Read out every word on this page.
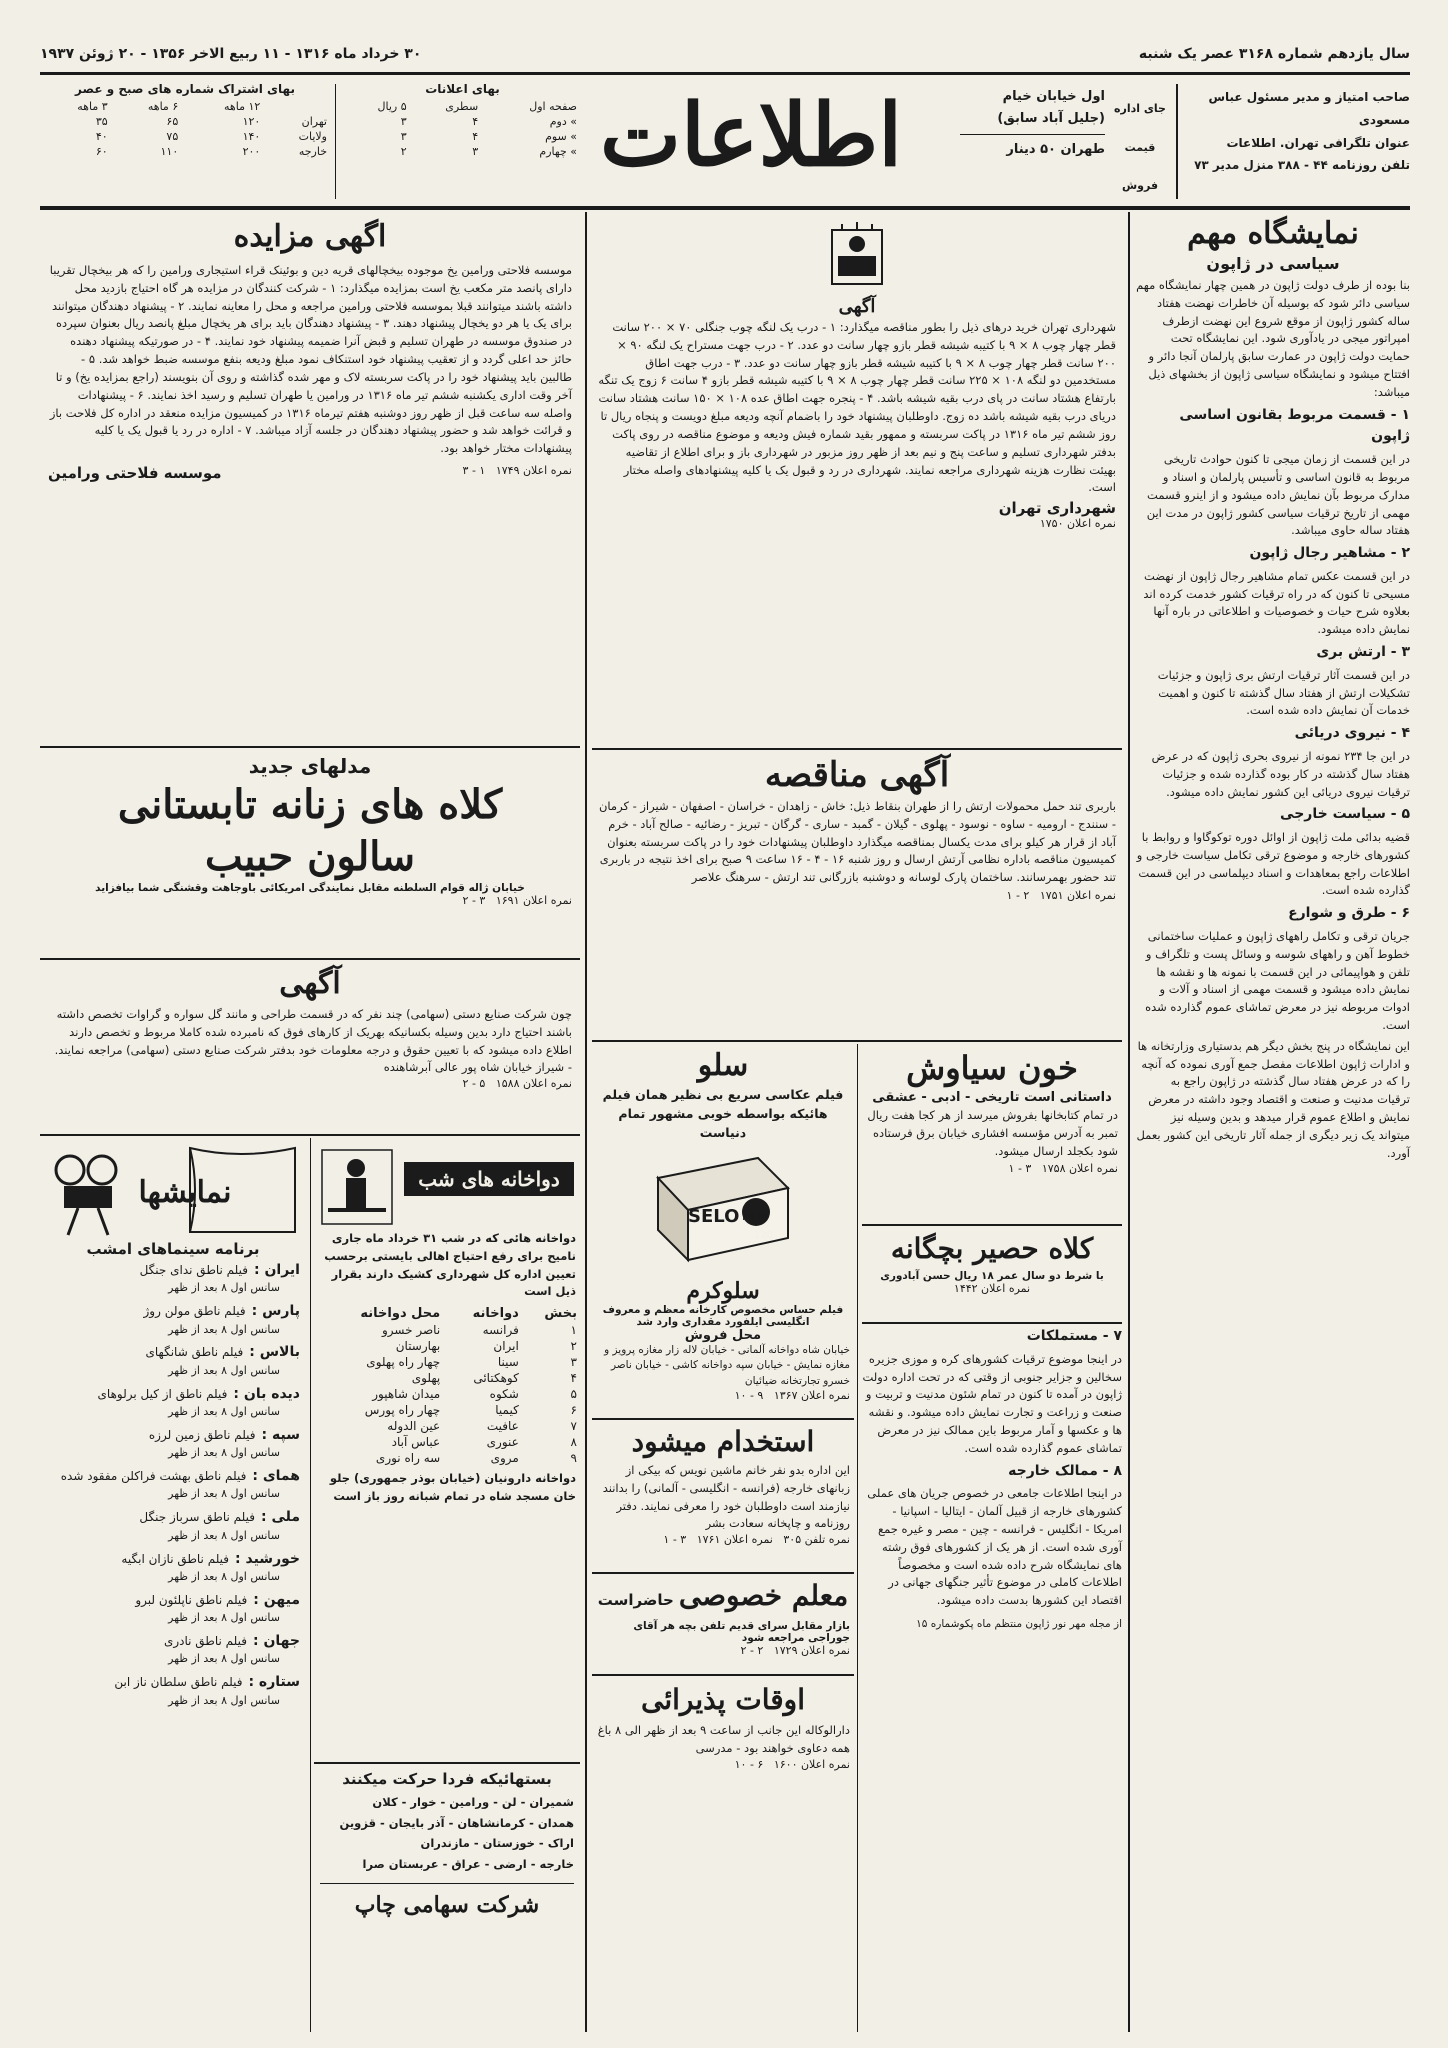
سال یازدهم شماره ۳۱۶۸ عصر یک شنبه
۳۰ خرداد ماه ۱۳۱۶ - ۱۱ ربیع الاخر ۱۳۵۶ - ۲۰ ژوئن ۱۹۳۷
صاحب امتیاز و مدیر مسئول عباس مسعودی
عنوان تلگرافی تهران. اطلاعات
تلفن روزنامه ۴۴ - ۳۸۸ منزل مدیر ۷۳
جای اداره
قیمت فروش
اول خیابان خیام
(جلیل آباد سابق)
طهران ۵۰ دینار
اطلاعات
بهای اعلانات
صفحه اول	سطری	۵ ریال
» دوم	۴	۳
» سوم	۴	۳
» چهارم	۳	۲
بهای اشتراک شماره های صبح و عصر
	۱۲ ماهه	۶ ماهه	۳ ماهه
تهران	۱۲۰	۶۵	۳۵
ولایات	۱۴۰	۷۵	۴۰
خارجه	۲۰۰	۱۱۰	۶۰
نمایشگاه مهم
سیاسی در ژاپون

بنا بوده از طرف دولت ژاپون در همین چهار نمایشگاه مهم سیاسی دائر شود که بوسیله آن خاطرات نهضت هفتاد ساله کشور ژاپون از موقع شروع این نهضت ازطرف امپراتور میجی در یادآوری شود. این نمایشگاه تحت حمایت دولت ژاپون در عمارت سابق پارلمان آنجا دائر و افتتاح میشود و نمایشگاه سیاسی ژاپون از بخشهای ذیل میباشد:

۱ - قسمت مربوط بقانون اساسی ژاپون

در این قسمت از زمان میجی تا کنون حوادث تاریخی مربوط به قانون اساسی و تأسیس پارلمان و اسناد و مدارک مربوط بآن نمایش داده میشود و از اینرو قسمت مهمی از تاریخ ترقیات سیاسی کشور ژاپون در مدت این هفتاد ساله حاوی میباشد.

۲ - مشاهیر رجال ژاپون

در این قسمت عکس تمام مشاهیر رجال ژاپون از نهضت مسیحی تا کنون که در راه ترقیات کشور خدمت کرده اند بعلاوه شرح حیات و خصوصیات و اطلاعاتی در باره آنها نمایش داده میشود.

۳ - ارتش بری

در این قسمت آثار ترقیات ارتش بری ژاپون و جزئیات تشکیلات ارتش از هفتاد سال گذشته تا کنون و اهمیت خدمات آن نمایش داده شده است.

۴ - نیروی دریائی

در این جا ۲۳۴ نمونه از نیروی بحری ژاپون که در عرض هفتاد سال گذشته در کار بوده گذارده شده و جزئیات ترقیات نیروی دریائی این کشور نمایش داده میشود.

۵ - سیاست خارجی

قضیه بدائی ملت ژاپون از اوائل دوره توکوگاوا و روابط با کشورهای خارجه و موضوع ترقی تکامل سیاست خارجی و اطلاعات راجع بمعاهدات و اسناد دیپلماسی در این قسمت گذارده شده است.

۶ - طرق و شوارع

جریان ترقی و تکامل راههای ژاپون و عملیات ساختمانی خطوط آهن و راههای شوسه و وسائل پست و تلگراف و تلفن و هواپیمائی در این قسمت با نمونه ها و نقشه ها نمایش داده میشود و قسمت مهمی از اسناد و آلات و ادوات مربوطه نیز در معرض تماشای عموم گذارده شده است.

این نمایشگاه در پنج بخش دیگر هم بدستیاری وزارتخانه ها و ادارات ژاپون اطلاعات مفصل جمع آوری نموده که آنچه را که در عرض هفتاد سال گذشته در ژاپون راجع به ترقیات مدنیت و صنعت و اقتصاد وجود داشته در معرض نمایش و اطلاع عموم قرار میدهد و بدین وسیله نیز میتواند یک زیر دیگری از جمله آثار تاریخی این کشور بعمل آورد.

آگهی
شهرداری تهران خرید درهای ذیل را بطور مناقصه میگذارد: ۱ - درب یک لنگه چوب جنگلی ۷۰ × ۲۰۰ سانت قطر چهار چوب ۸ × ۹ با کتیبه شیشه قطر بازو چهار سانت دو عدد. ۲ - درب جهت مستراح یک لنگه ۹۰ × ۲۰۰ سانت قطر چهار چوب ۸ × ۹ با کتیبه شیشه قطر بازو چهار سانت دو عدد. ۳ - درب جهت اطاق مستخدمین دو لنگه ۱۰۸ × ۲۲۵ سانت قطر چهار چوب ۸ × ۹ با کتیبه شیشه قطر بازو ۴ سانت ۶ زوج یک تنگه بارتفاع هشتاد سانت در پای درب بقیه شیشه باشد. ۴ - پنجره جهت اطاق عده ۱۰۸ × ۱۵۰ سانت هشتاد سانت دریای درب بقیه شیشه باشد ده زوج. داوطلبان پیشنهاد خود را باضمام آنچه ودیعه مبلغ دویست و پنجاه ریال تا روز ششم تیر ماه ۱۳۱۶ در پاکت سربسته و ممهور بقید شماره فیش ودیعه و موضوع مناقصه در روی پاکت بدفتر شهرداری تسلیم و ساعت پنج و نیم بعد از ظهر روز مزبور در شهرداری باز و برای اطلاع از تقاضیه بهیئت نظارت هزینه شهرداری مراجعه نمایند. شهرداری در رد و قبول یک یا کلیه پیشنهادهای واصله مختار است.
شهرداری تهران
نمره اعلان ۱۷۵۰
آگهی مناقصه
باربری تند حمل محمولات ارتش را از طهران بنقاط ذیل: خاش - زاهدان - خراسان - اصفهان - شیراز - کرمان - سنندج - ارومیه - ساوه - نوسود - پهلوی - گیلان - گمبد - ساری - گرگان - تبریز - رضائیه - صالح آباد - خرم آباد از قرار هر کیلو برای مدت یکسال بمناقصه میگذارد داوطلبان پیشنهادات خود را در پاکت سربسته بعنوان کمیسیون مناقصه باداره نظامی آرتش ارسال و روز شنبه ۱۶ - ۴ - ۱۶ ساعت ۹ صبح برای اخذ نتیجه در باربری تند حضور بهمرسانند. ساختمان پارک لوسانه و دوشنبه بازرگانی تند ارتش - سرهنگ علاصر
نمره اعلان ۱۷۵۱   ۲ - ۱
خون سیاوش
داستانی است تاریخی - ادبی - عشقی
در تمام کتابخانها بفروش میرسد از هر کجا هفت ریال تمبر به آدرس مؤسسه افشاری خیابان برق فرستاده شود بکجلد ارسال میشود.
نمره اعلان ۱۷۵۸   ۳ - ۱
کلاه حصیر بچگانه
با شرط دو سال عمر ۱۸ ریال حسن آبادوری
نمره اعلان ۱۴۴۲

۷ - مستملکات

در اینجا موضوع ترقیات کشورهای کره و موزی جزیره سخالین و جزایر جنوبی از وقتی که در تحت اداره دولت ژاپون در آمده تا کنون در تمام شئون مدنیت و تربیت و صنعت و زراعت و تجارت نمایش داده میشود. و نقشه ها و عکسها و آمار مربوط باین ممالک نیز در معرض تماشای عموم گذارده شده است.

۸ - ممالک خارجه

در اینجا اطلاعات جامعی در خصوص جریان های عملی کشورهای خارجه از قبیل آلمان - ایتالیا - اسپانیا - امریکا - انگلیس - فرانسه - چین - مصر و غیره جمع آوری شده است. از هر یک از کشورهای فوق رشته های نمایشگاه شرح داده شده است و مخصوصاً اطلاعات کاملی در موضوع تأثیر جنگهای جهانی در اقتصاد این کشورها بدست داده میشود.

از مجله مهر نور ژاپون منتظم ماه پکوشماره ۱۵

سلو
فیلم عکاسی سریع بی نظیر همان فیلم هائیکه بواسطه خوبی مشهور تمام دنیاست
SELO FILM
120
سلوکرم
فیلم حساس مخصوص کارخانه معظم و معروف انگلیسی ایلفورد مقداری وارد شد
محل فروش
خیابان شاه دواخانه آلمانی - خیابان لاله زار مغازه پرویز و مغازه نمایش - خیابان سپه دواخانه کاشی - خیابان ناصر خسرو تجارتخانه ضیائیان
نمره اعلان ۱۳۶۷   ۹ - ۱۰
استخدام میشود
این اداره بدو نفر خانم ماشین نویس که بیکی از زبانهای خارجه (فرانسه - انگلیسی - آلمانی) را بدانند نیازمند است داوطلبان خود را معرفی نمایند. دفتر روزنامه و چاپخانه سعادت بشر
نمره تلفن ۳۰۵   نمره اعلان ۱۷۶۱   ۳ - ۱
معلم خصوصی حاضراست
بازار مقابل سرای قدیم تلفن بچه هر آقای جوراجی مراجعه شود
نمره اعلان ۱۷۲۹   ۲ - ۲
اوقات پذیرائی
دارالوکاله این جانب از ساعت ۹ بعد از ظهر الی ۸ باغ همه دعاوی خواهند بود - مدرسی
نمره اعلان ۱۶۰۰   ۶ - ۱۰
اگهی مزایده
موسسه فلاحتی ورامین یخ موجوده بیخچالهای قریه دین و بوئینک قراء استیجاری ورامین را که هر بیخچال تقریبا دارای پانصد متر مکعب یخ است بمزایده میگذارد: ۱ - شرکت کنندگان در مزایده هر گاه احتیاج بازدید محل داشته باشند میتوانند قبلا بموسسه فلاحتی ورامین مراجعه و محل را معاینه نمایند. ۲ - پیشنهاد دهندگان میتوانند برای یک یا هر دو یخچال پیشنهاد دهند. ۳ - پیشنهاد دهندگان باید برای هر یخچال مبلغ پانصد ریال بعنوان سپرده در صندوق موسسه در طهران تسلیم و قبض آنرا ضمیمه پیشنهاد خود نمایند. ۴ - در صورتیکه پیشنهاد دهنده حائز حد اعلی گردد و از تعقیب پیشنهاد خود استنکاف نمود مبلغ ودیعه بنفع موسسه ضبط خواهد شد. ۵ - طالبین باید پیشنهاد خود را در پاکت سربسته لاک و مهر شده گذاشته و روی آن بنویسند (راجع بمزایده یخ) و تا آخر وقت اداری یکشنبه ششم تیر ماه ۱۳۱۶ در ورامین یا طهران تسلیم و رسید اخذ نمایند. ۶ - پیشنهادات واصله سه ساعت قبل از ظهر روز دوشنبه هفتم تیرماه ۱۳۱۶ در کمیسیون مزایده منعقد در اداره کل فلاحت باز و قرائت خواهد شد و حضور پیشنهاد دهندگان در جلسه آزاد میباشد. ۷ - اداره در رد یا قبول یک یا کلیه پیشنهادات مختار خواهد بود.
نمره اعلان ۱۷۴۹   ۱ - ۳
موسسه فلاحتی ورامین
مدلهای جدید
کلاه های زنانه تابستانی
سالون حبیب
خیابان ژاله قوام السلطنه مقابل نمایندگی امریکائی باوجاهت وقشنگی شما بیافزاید
نمره اعلان ۱۶۹۱   ۳ - ۲
آگهی
چون شرکت صنایع دستی (سهامی) چند نفر که در قسمت طراحی و مانند گل سواره و گراوات تخصص داشته باشند احتیاج دارد بدین وسیله بکسانیکه بهریک از کارهای فوق که نامبرده شده کاملا مربوط و تخصص دارند اطلاع داده میشود که با تعیین حقوق و درجه معلومات خود بدفتر شرکت صنایع دستی (سهامی) مراجعه نمایند. - شیراز خیابان شاه پور عالی آبرشاهنده
نمره اعلان ۱۵۸۸   ۵ - ۲
دواخانه های شب
دواخانه هائی که در شب ۳۱ خرداد ماه جاری نامیح برای رفع احتیاج اهالی بایستی برحسب تعیین اداره کل شهرداری کشیک دارند بقرار ذیل است
بخش	دواخانه	محل دواخانه
۱	فرانسه	ناصر خسرو
۲	ایران	بهارستان
۳	سینا	چهار راه پهلوی
۴	کوهکتائی	پهلوی
۵	شکوه	میدان شاهپور
۶	کیمیا	چهار راه پورس
۷	عافیت	عین الدوله
۸	عنوری	عباس آباد
۹	مروی	سه راه نوری
دواخانه دارونیان (خیابان بوذر جمهوری) جلو خان مسجد شاه در تمام شبانه روز باز است
بستهائیکه فردا حرکت میکنند
شمیران - لن - ورامین - خوار - کلان
همدان - کرمانشاهان - آذر بایجان - قزوین
اراک - خوزستان - مازندران
خارجه - ارضی - عراق - عربستان صرا
شرکت سهامی چاپ
نمایشها
برنامه سینماهای امشب
ایران :فیلم ناطق ندای جنگل
سانس اول ۸ بعد از ظهر
پارس :فیلم ناطق مولن روژ
سانس اول ۸ بعد از ظهر
بالاس :فیلم ناطق شانگهای
سانس اول ۸ بعد از ظهر
دیده بان :فیلم ناطق از کیل برلوهای
سانس اول ۸ بعد از ظهر
سپه :فیلم ناطق زمین لرزه
سانس اول ۸ بعد از ظهر
همای :فیلم ناطق بهشت فراکلن مفقود شده
سانس اول ۸ بعد از ظهر
ملی :فیلم ناطق سرباز جنگل
سانس اول ۸ بعد از ظهر
خورشید :فیلم ناطق نازان ابگیه
سانس اول ۸ بعد از ظهر
میهن :فیلم ناطق ناپلئون لبرو
سانس اول ۸ بعد از ظهر
جهان :فیلم ناطق نادری
سانس اول ۸ بعد از ظهر
ستاره :فیلم ناطق سلطان ناز ابن
سانس اول ۸ بعد از ظهر
